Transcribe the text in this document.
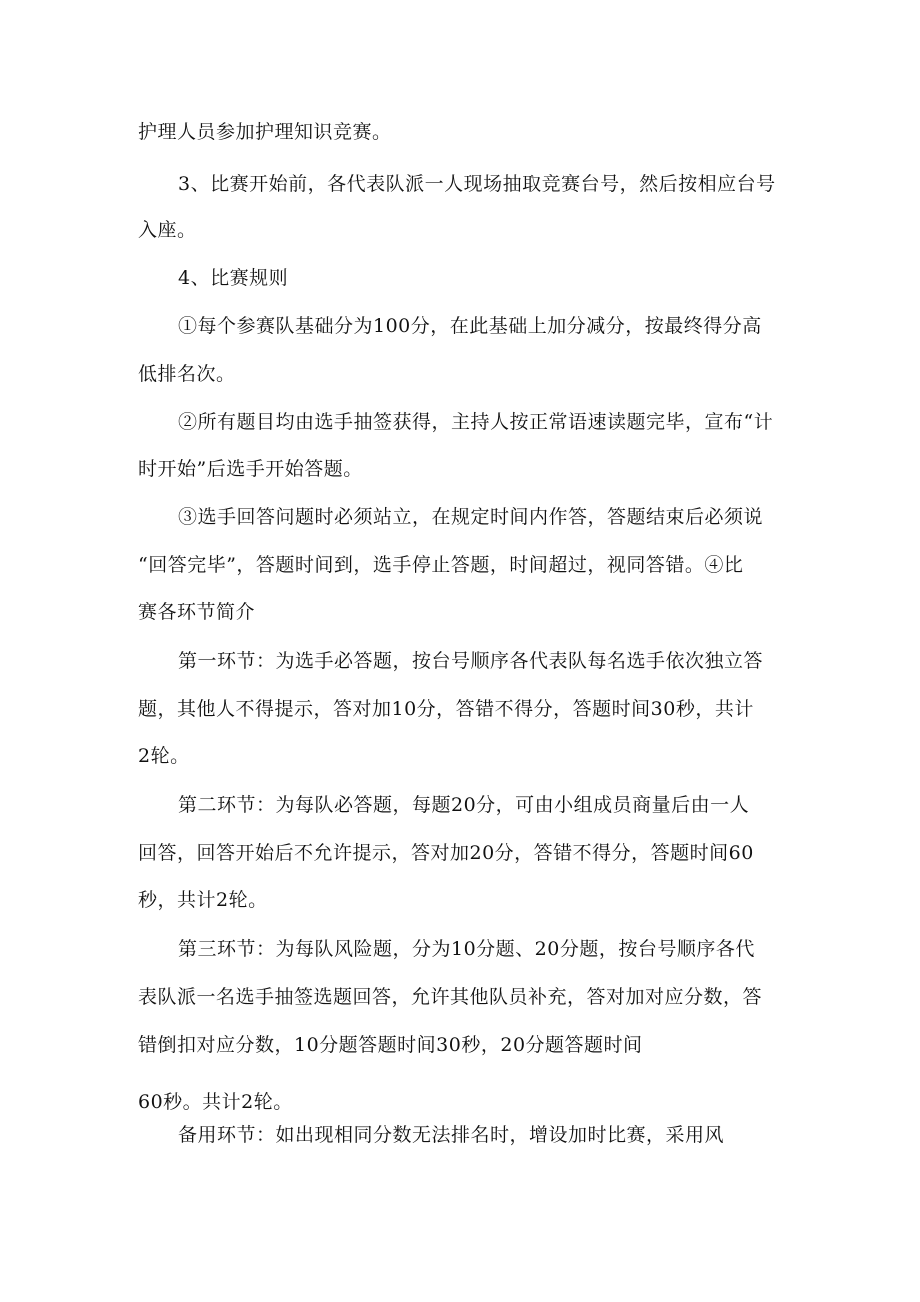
护理人员参加护理知识竞赛。
3、比赛开始前，各代表队派一人现场抽取竞赛台号，然后按相应台号
入座。
4、比赛规则
①每个参赛队基础分为100分，在此基础上加分减分，按最终得分高
低排名次。
②所有题目均由选手抽签获得，主持人按正常语速读题完毕，宣布“计
时开始”后选手开始答题。
③选手回答问题时必须站立，在规定时间内作答，答题结束后必须说
“回答完毕”，答题时间到，选手停止答题，时间超过，视同答错。④比
赛各环节简介
第一环节：为选手必答题，按台号顺序各代表队每名选手依次独立答
题，其他人不得提示，答对加10分，答错不得分，答题时间30秒，共计
2轮。
第二环节：为每队必答题，每题20分，可由小组成员商量后由一人
回答，回答开始后不允许提示，答对加20分，答错不得分，答题时间60
秒，共计2轮。
第三环节：为每队风险题，分为10分题、20分题，按台号顺序各代
表队派一名选手抽签选题回答，允许其他队员补充，答对加对应分数，答
错倒扣对应分数，10分题答题时间30秒，20分题答题时间
60秒。共计2轮。
备用环节：如出现相同分数无法排名时，增设加时比赛，采用风
